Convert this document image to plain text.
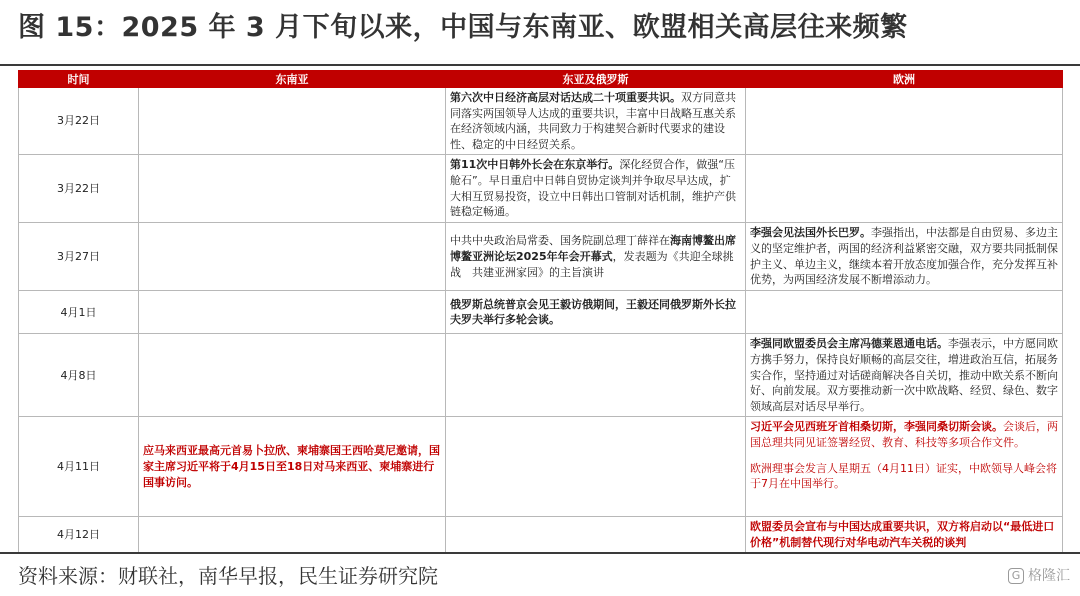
图 15：2025 年 3 月下旬以来，中国与东南亚、欧盟相关高层往来频繁
时间	东南亚	东亚及俄罗斯	欧洲
3月22日		第六次中日经济高层对话达成二十项重要共识。双方同意共同落实两国领导人达成的重要共识，丰富中日战略互惠关系在经济领域内涵，共同致力于构建契合新时代要求的建设性、稳定的中日经贸关系。	
3月22日		第11次中日韩外长会在东京举行。深化经贸合作，做强“压舱石”。早日重启中日韩自贸协定谈判并争取尽早达成，扩大相互贸易投资，设立中日韩出口管制对话机制，维护产供链稳定畅通。	
3月27日		中共中央政治局常委、国务院副总理丁薛祥在海南博鳌出席博鳌亚洲论坛2025年年会开幕式，发表题为《共迎全球挑战　共建亚洲家园》的主旨演讲	李强会见法国外长巴罗。李强指出，中法都是自由贸易、多边主义的坚定维护者，两国的经济利益紧密交融，双方要共同抵制保护主义、单边主义，继续本着开放态度加强合作，充分发挥互补优势，为两国经济发展不断增添动力。
4月1日		俄罗斯总统普京会见王毅访俄期间，王毅还同俄罗斯外长拉夫罗夫举行多轮会谈。	
4月8日			李强同欧盟委员会主席冯德莱恩通电话。李强表示，中方愿同欧方携手努力，保持良好顺畅的高层交往，增进政治互信，拓展务实合作，坚持通过对话磋商解决各自关切，推动中欧关系不断向好、向前发展。双方要推动新一次中欧战略、经贸、绿色、数字领域高层对话尽早举行。
4月11日	应马来西亚最高元首易卜拉欣、柬埔寨国王西哈莫尼邀请，国家主席习近平将于4月15日至18日对马来西亚、柬埔寨进行国事访问。		习近平会见西班牙首相桑切斯，李强同桑切斯会谈。会谈后，两国总理共同见证签署经贸、教育、科技等多项合作文件。
欧洲理事会发言人星期五（4月11日）证实，中欧领导人峰会将于7月在中国举行。
4月12日			欧盟委员会宣布与中国达成重要共识，双方将启动以“最低进口价格”机制替代现行对华电动汽车关税的谈判
资料来源：财联社，南华早报，民生证券研究院	G 格隆汇
